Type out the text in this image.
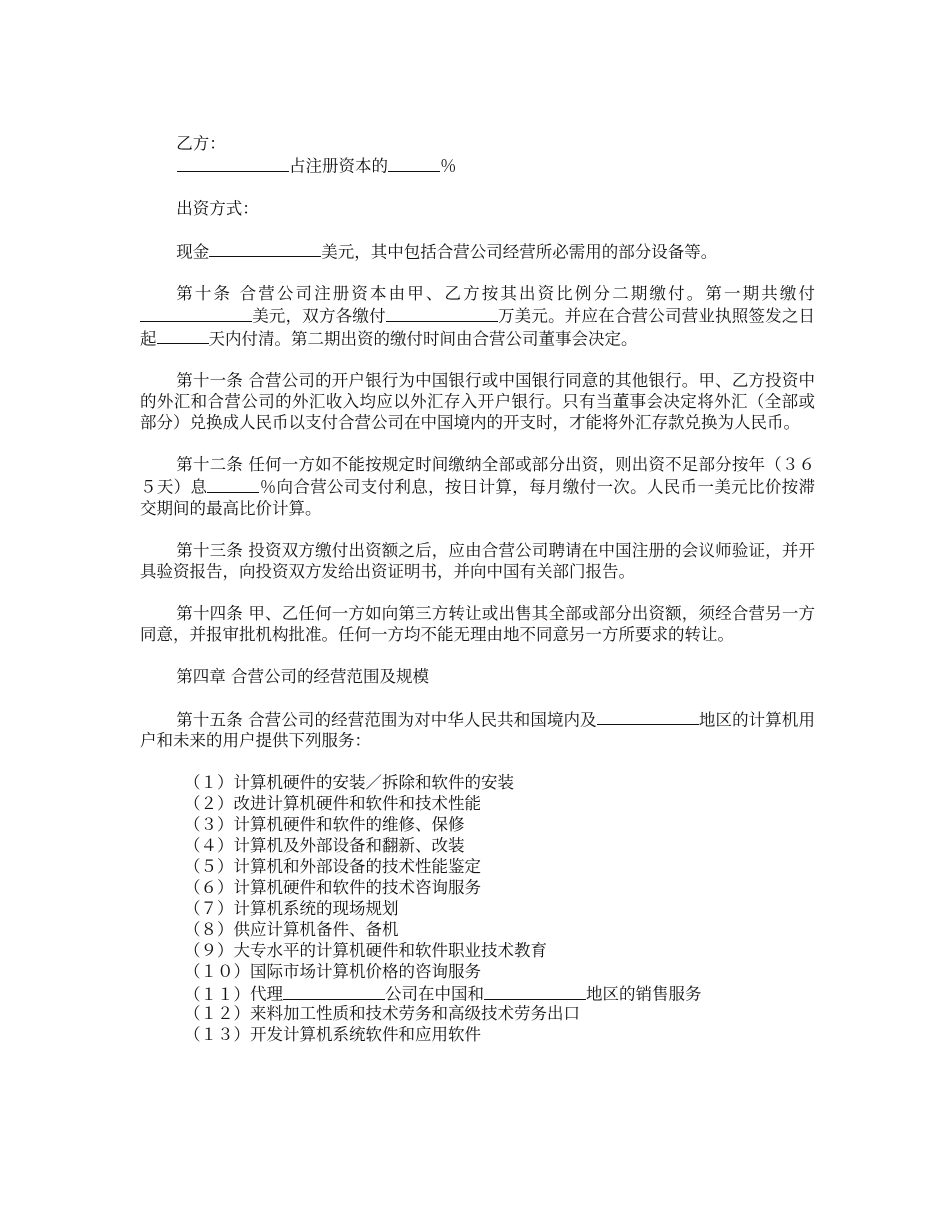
乙方：

占注册资本的	％

出资方式：

现金	美元，其中包括合营公司经营所必需用的部分设备等。

第十条 合营公司注册资本由甲、乙方按其出资比例分二期缴付。第一期共缴付美元，双方各缴付	万美元。并应在合营公司营业执照签发之日起	天内付清。第二期出资的缴付时间由合营公司董事会决定。

第十一条 合营公司的开户银行为中国银行或中国银行同意的其他银行。甲、乙方投资中的外汇和合营公司的外汇收入均应以外汇存入开户银行。只有当董事会决定将外汇（全部或部分）兑换成人民币以支付合营公司在中国境内的开支时，才能将外汇存款兑换为人民币。

第十二条 任何一方如不能按规定时间缴纳全部或部分出资，则出资不足部分按年（３６５天）息	％向合营公司支付利息，按日计算，每月缴付一次。人民币一美元比价按滞交期间的最高比价计算。

第十三条 投资双方缴付出资额之后，应由合营公司聘请在中国注册的会议师验证，并开具验资报告，向投资双方发给出资证明书，并向中国有关部门报告。

第十四条 甲、乙任何一方如向第三方转让或出售其全部或部分出资额，须经合营另一方同意，并报审批机构批准。任何一方均不能无理由地不同意另一方所要求的转让。

第四章 合营公司的经营范围及规模

第十五条 合营公司的经营范围为对中华人民共和国境内及	地区的计算机用户和未来的用户提供下列服务：

（１）计算机硬件的安装／拆除和软件的安装
（２）改进计算机硬件和软件和技术性能
（３）计算机硬件和软件的维修、保修
（４）计算机及外部设备和翻新、改装
（５）计算机和外部设备的技术性能鉴定
（６）计算机硬件和软件的技术咨询服务
（７）计算机系统的现场规划
（８）供应计算机备件、备机
（９）大专水平的计算机硬件和软件职业技术教育
（１０）国际市场计算机价格的咨询服务
（１１）代理	公司在中国和	地区的销售服务
（１２）来料加工性质和技术劳务和高级技术劳务出口
（１３）开发计算机系统软件和应用软件
